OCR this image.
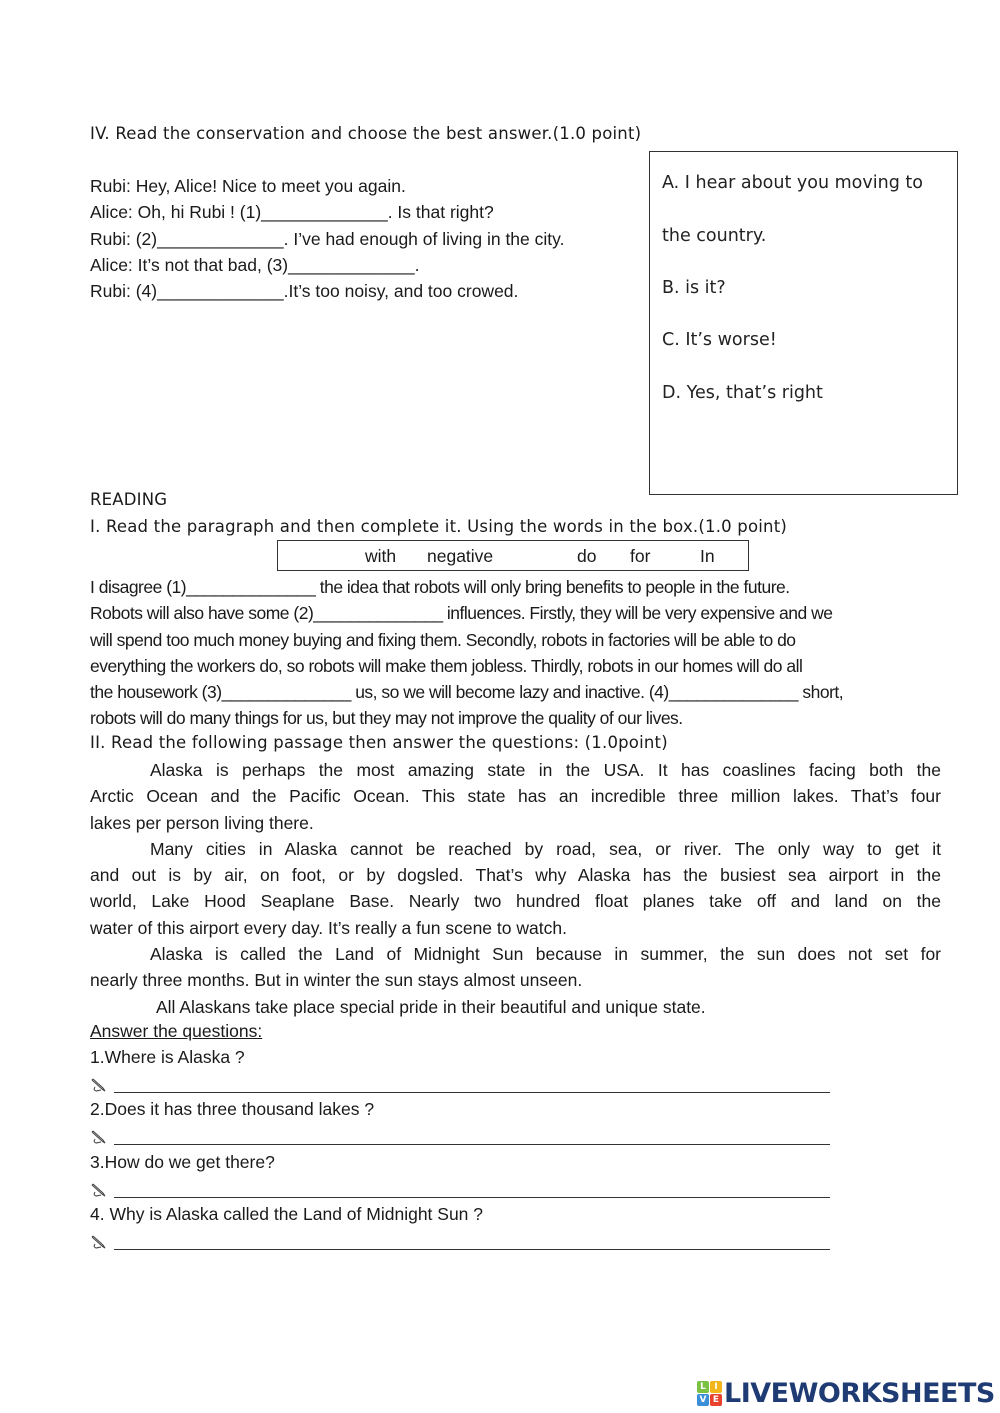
IV. Read the conservation and choose the best answer.(1.0 point)
Rubi: Hey, Alice! Nice to meet you again.
Alice: Oh, hi Rubi ! (1)_____________. Is that right?
Rubi: (2)_____________. I’ve had enough of living in the city.
Alice: It’s not that bad, (3)_____________.
Rubi: (4)_____________.It’s too noisy, and too crowed.
A. I hear about you moving to
the country.
B. is it?
C. It’s worse!
D. Yes, that’s right
READING
I. Read the paragraph and then complete it. Using the words in the box.(1.0 point)
with negative	do for	In
I disagree (1)______________ the idea that robots will only bring benefits to people in the future.
Robots will also have some (2)______________ influences. Firstly, they will be very expensive and we
will spend too much money buying and fixing them. Secondly, robots in factories will be able to do
everything the workers do, so robots will make them jobless. Thirdly, robots in our homes will do all
the housework (3)______________ us, so we will become lazy and inactive. (4)______________ short,
robots will do many things for us, but they may not improve the quality of our lives.
II. Read the following passage then answer the questions: (1.0point)
Alaska is perhaps the most amazing state in the USA. It has coaslines facing both the
Arctic Ocean and the Pacific Ocean. This state has an incredible three million lakes. That’s four
lakes per person living there.
Many cities in Alaska cannot be reached by road, sea, or river. The only way to get it
and out is by air, on foot, or by dogsled. That’s why Alaska has the busiest sea airport in the
world, Lake Hood Seaplane Base. Nearly two hundred float planes take off and land on the
water of this airport every day. It’s really a fun scene to watch.
Alaska is called the Land of Midnight Sun because in summer, the sun does not set for
nearly three months. But in winter the sun stays almost unseen.
All Alaskans take place special pride in their beautiful and unique state.
Answer the questions:
1.Where is Alaska ?
2.Does it has three thousand lakes ?
3.How do we get there?
4. Why is Alaska called the Land of Midnight Sun ?
L I
V E LIVEWORKSHEETS
